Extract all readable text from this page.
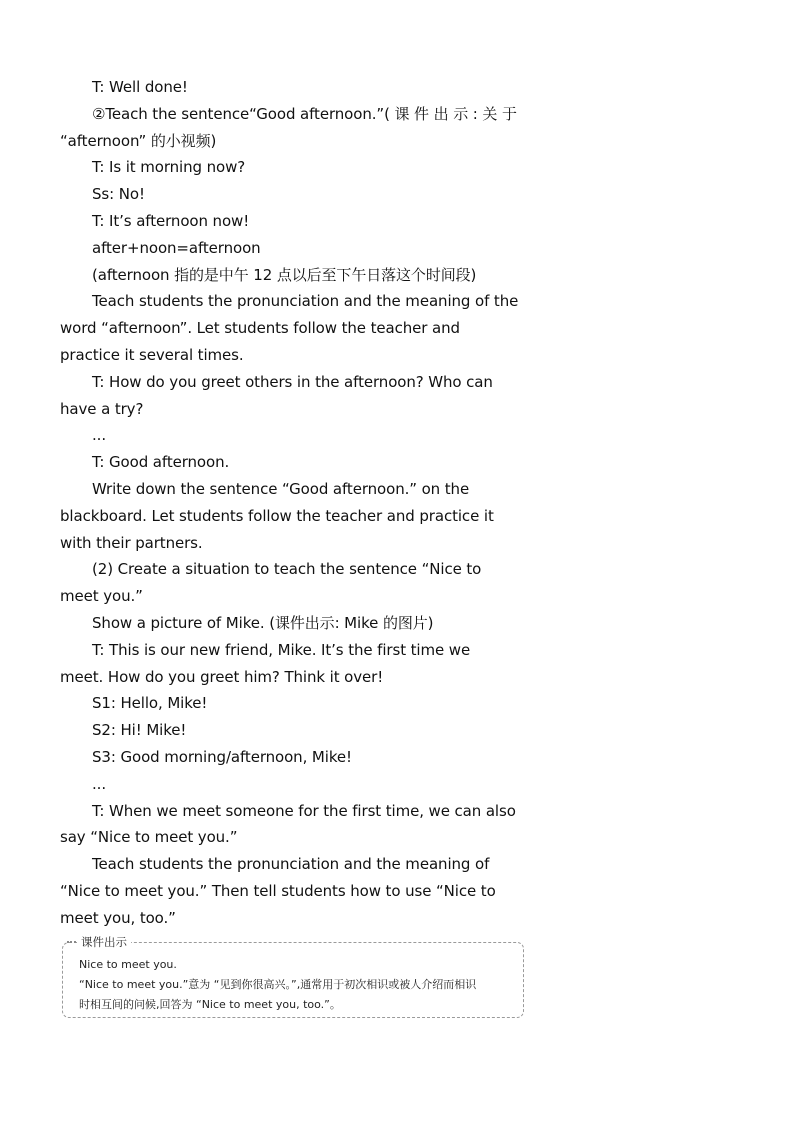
T: Well done!

②Teach the sentence“Good afternoon.”( 课 件 出 示 : 关 于

“afternoon” 的小视频)

T: Is it morning now?

Ss: No!

T: It’s afternoon now!

after+noon=afternoon

(afternoon 指的是中午 12 点以后至下午日落这个时间段)

Teach students the pronunciation and the meaning of the

word “afternoon”. Let students follow the teacher and

practice it several times.

T: How do you greet others in the afternoon? Who can

have a try?

...

T: Good afternoon.

Write down the sentence “Good afternoon.” on the

blackboard. Let students follow the teacher and practice it

with their partners.

(2) Create a situation to teach the sentence “Nice to

meet you.”

Show a picture of Mike. (课件出示: Mike 的图片)

T: This is our new friend, Mike. It’s the first time we

meet. How do you greet him? Think it over!

S1: Hello, Mike!

S2: Hi! Mike!

S3: Good morning/afternoon, Mike!

...

T: When we meet someone for the first time, we can also

say “Nice to meet you.”

Teach students the pronunciation and the meaning of

“Nice to meet you.” Then tell students how to use “Nice to

meet you, too.”

课件出示

Nice to meet you.

“Nice to meet you.”意为 “见到你很高兴。”,通常用于初次相识或被人介绍而相识

时相互间的问候,回答为 “Nice to meet you, too.”。
